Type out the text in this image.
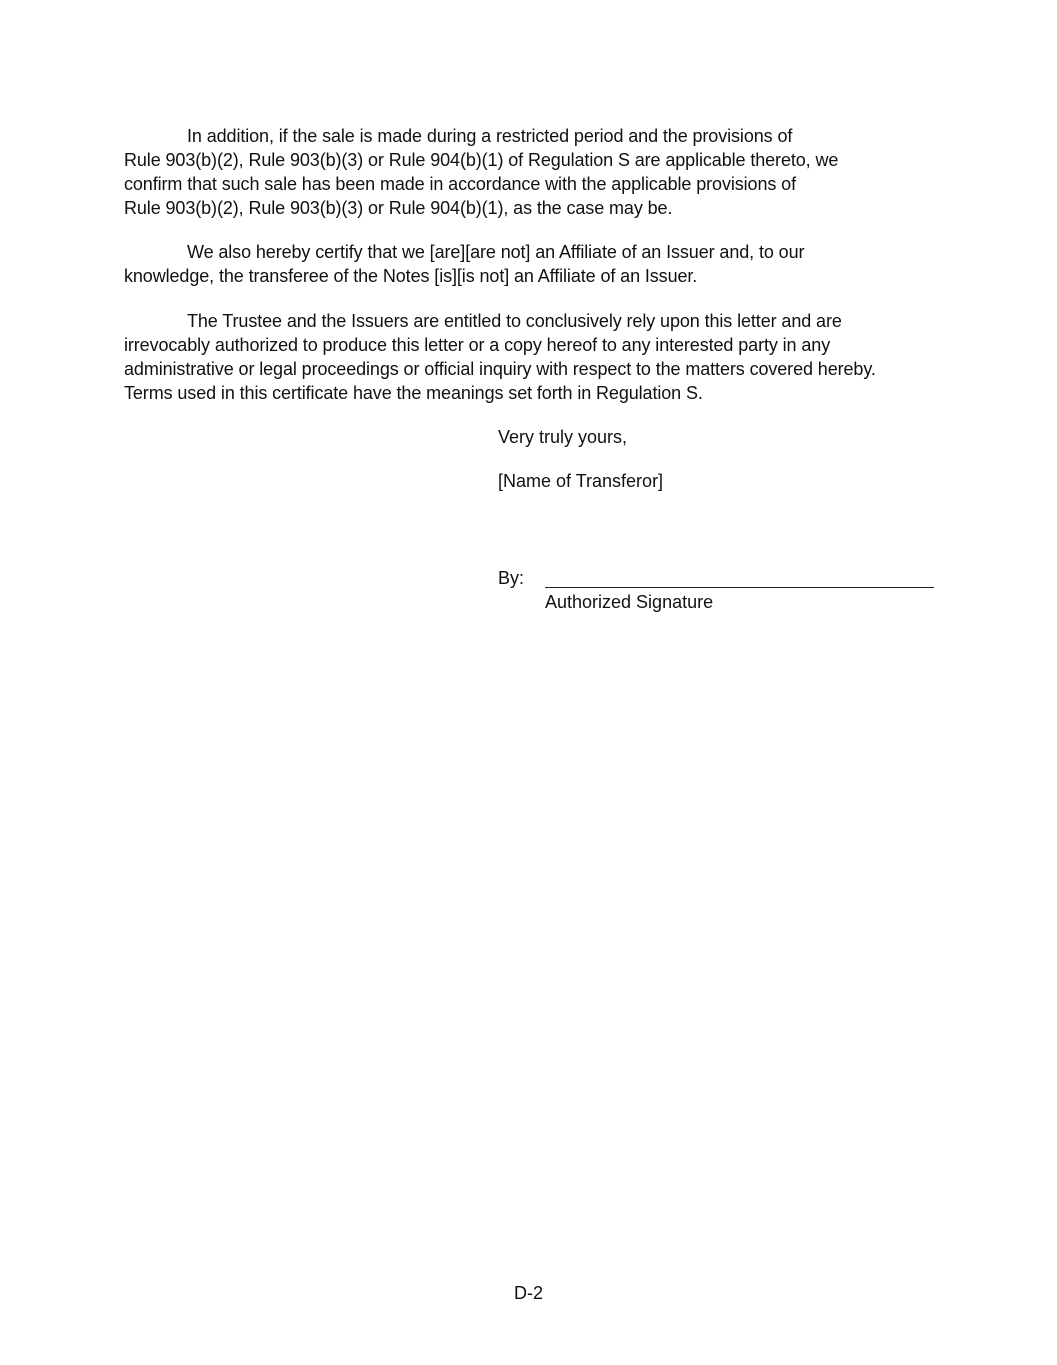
In addition, if the sale is made during a restricted period and the provisions of
Rule 903(b)(2), Rule 903(b)(3) or Rule 904(b)(1) of Regulation S are applicable thereto, we
confirm that such sale has been made in accordance with the applicable provisions of
Rule 903(b)(2), Rule 903(b)(3) or Rule 904(b)(1), as the case may be.

We also hereby certify that we [are][are not] an Affiliate of an Issuer and, to our
knowledge, the transferee of the Notes [is][is not] an Affiliate of an Issuer.

The Trustee and the Issuers are entitled to conclusively rely upon this letter and are
irrevocably authorized to produce this letter or a copy hereof to any interested party in any
administrative or legal proceedings or official inquiry with respect to the matters covered hereby.
Terms used in this certificate have the meanings set forth in Regulation S.

Very truly yours,

[Name of Transferor]

By:
Authorized Signature
D-2
